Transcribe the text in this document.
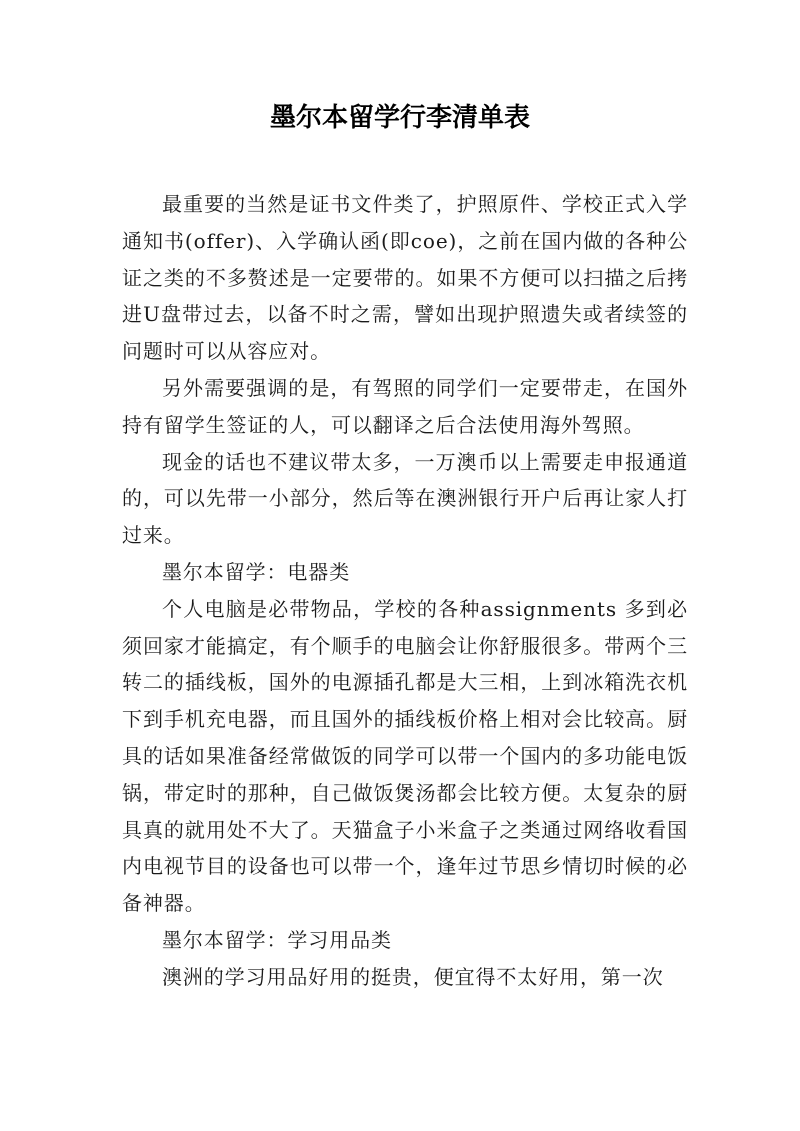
墨尔本留学行李清单表

最重要的当然是证书文件类了，护照原件、学校正式入学通知书(offer)、入学确认函(即coe)，之前在国内做的各种公证之类的不多赘述是一定要带的。如果不方便可以扫描之后拷进U盘带过去，以备不时之需，譬如出现护照遗失或者续签的问题时可以从容应对。

另外需要强调的是，有驾照的同学们一定要带走，在国外持有留学生签证的人，可以翻译之后合法使用海外驾照。

现金的话也不建议带太多，一万澳币以上需要走申报通道的，可以先带一小部分，然后等在澳洲银行开户后再让家人打过来。

墨尔本留学：电器类

个人电脑是必带物品，学校的各种assignments 多到必须回家才能搞定，有个顺手的电脑会让你舒服很多。带两个三转二的插线板，国外的电源插孔都是大三相，上到冰箱洗衣机下到手机充电器，而且国外的插线板价格上相对会比较高。厨具的话如果准备经常做饭的同学可以带一个国内的多功能电饭锅，带定时的那种，自己做饭煲汤都会比较方便。太复杂的厨具真的就用处不大了。天猫盒子小米盒子之类通过网络收看国内电视节目的设备也可以带一个，逢年过节思乡情切时候的必备神器。

墨尔本留学：学习用品类

澳洲的学习用品好用的挺贵，便宜得不太好用，第一次
